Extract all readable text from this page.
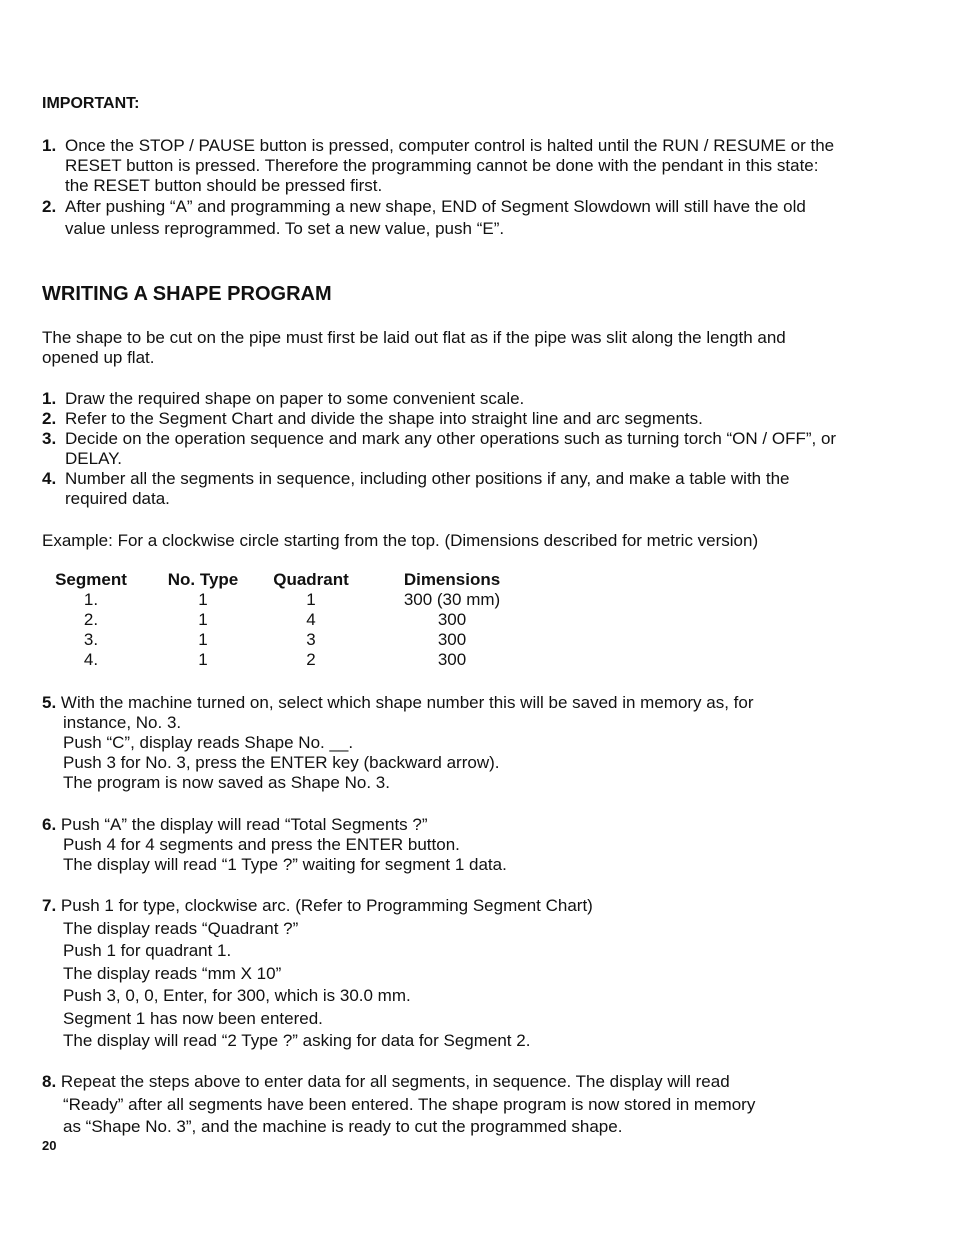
IMPORTANT:
1. Once the STOP / PAUSE button is pressed, computer control is halted until the RUN / RESUME or the RESET button is pressed. Therefore the programming cannot be done with the pendant in this state: the RESET button should be pressed first.
2. After pushing “A” and programming a new shape, END of Segment Slowdown will still have the old value unless reprogrammed. To set a new value, push “E”.
WRITING A SHAPE PROGRAM
The shape to be cut on the pipe must first be laid out flat as if the pipe was slit along the length and opened up flat.
1. Draw the required shape on paper to some convenient scale.
2. Refer to the Segment Chart and divide the shape into straight line and arc segments.
3. Decide on the operation sequence and mark any other operations such as turning torch “ON / OFF”, or DELAY.
4. Number all the segments in sequence, including other positions if any, and make a table with the required data.
Example: For a clockwise circle starting from the top. (Dimensions described for metric version)
Segment	No. Type	Quadrant	Dimensions
1.	1	1	300 (30 mm)
2.	1	4	300
3.	1	3	300
4.	1	2	300
5. With the machine turned on, select which shape number this will be saved in memory as, for
instance, No. 3.
Push “C”, display reads Shape No. __.
Push 3 for No. 3, press the ENTER key (backward arrow).
The program is now saved as Shape No. 3.
6. Push “A” the display will read “Total Segments ?”
Push 4 for 4 segments and press the ENTER button.
The display will read “1 Type ?” waiting for segment 1 data.
7. Push 1 for type, clockwise arc. (Refer to Programming Segment Chart)
The display reads “Quadrant ?”
Push 1 for quadrant 1.
The display reads “mm X 10”
Push 3, 0, 0, Enter, for 300, which is 30.0 mm.
Segment 1 has now been entered.
The display will read “2 Type ?” asking for data for Segment 2.
8. Repeat the steps above to enter data for all segments, in sequence. The display will read
“Ready” after all segments have been entered. The shape program is now stored in memory
as “Shape No. 3”, and the machine is ready to cut the programmed shape.
20
